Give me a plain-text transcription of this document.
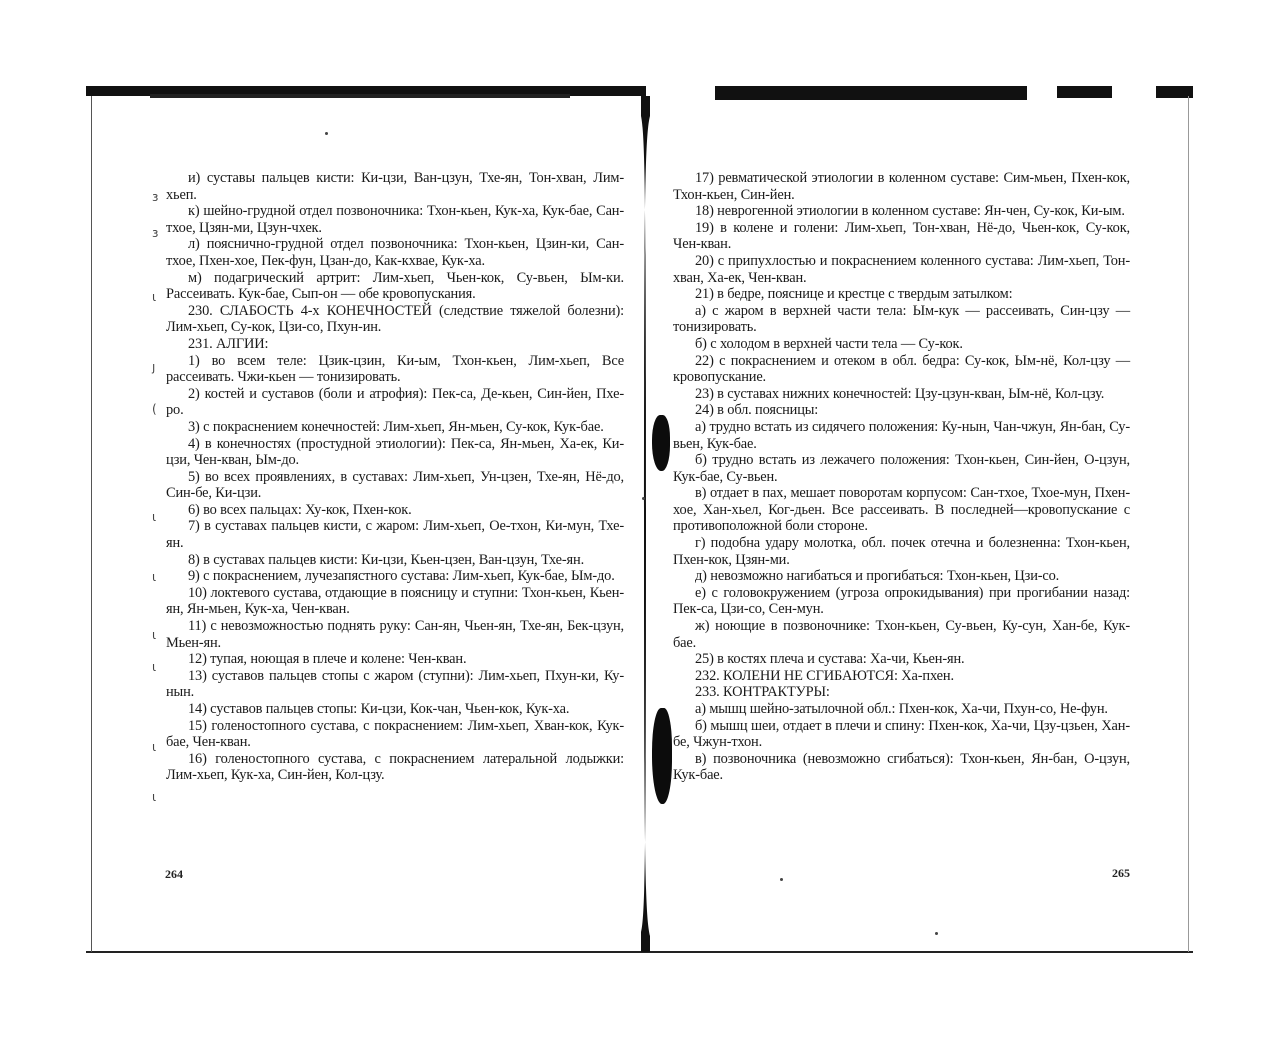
ɜ
ɜ
ɩ
ȷ
(
ɩ
ɩ
ɩ
ɩ
ɩ
ɩ

и) суставы пальцев кисти: Ки-цзи, Ван-цзун, Тхе-ян, Тон-хван, Лим-хьеп.

к) шейно-грудной отдел позвоночника: Тхон-кьен, Кук-ха, Кук-бае, Сан-тхое, Цзян-ми, Цзун-чхек.

л) пояснично-грудной отдел позвоночника: Тхон-кьен, Цзин-ки, Сан-тхое, Пхен-хое, Пек-фун, Цзан-до, Как-кхвае, Кук-ха.

м) подагрический артрит: Лим-хьеп, Чьен-кок, Су-вьен, Ым-ки. Рассеивать. Кук-бае, Сып-он — обе кровопускания.

230. СЛАБОСТЬ 4-х КОНЕЧНОСТЕЙ (следствие тяжелой болезни): Лим-хьеп, Су-кок, Цзи-со, Пхун-ин.

231. АЛГИИ:

1) во всем теле: Цзик-цзин, Ки-ым, Тхон-кьен, Лим-хьеп, Все рассеивать. Чжи-кьен — тонизировать.

2) костей и суставов (боли и атрофия): Пек-са, Де-кьен, Син-йен, Пхе-ро.

3) с покраснением конечностей: Лим-хьеп, Ян-мьен, Су-кок, Кук-бае.

4) в конечностях (простудной этиологии): Пек-са, Ян-мьен, Ха-ек, Ки-цзи, Чен-кван, Ым-до.

5) во всех проявлениях, в суставах: Лим-хьеп, Ун-цзен, Тхе-ян, Нё-до, Син-бе, Ки-цзи.

6) во всех пальцах: Ху-кок, Пхен-кок.

7) в суставах пальцев кисти, с жаром: Лим-хьеп, Ое-тхон, Ки-мун, Тхе-ян.

8) в суставах пальцев кисти: Ки-цзи, Кьен-цзен, Ван-цзун, Тхе-ян.

9) с покраснением, лучезапястного сустава: Лим-хьеп, Кук-бае, Ым-до.

10) локтевого сустава, отдающие в поясницу и ступни: Тхон-кьен, Кьен-ян, Ян-мьен, Кук-ха, Чен-кван.

11) с невозможностью поднять руку: Сан-ян, Чьен-ян, Тхе-ян, Бек-цзун, Мьен-ян.

12) тупая, ноющая в плече и колене: Чен-кван.

13) суставов пальцев стопы с жаром (ступни): Лим-хьеп, Пхун-ки, Ку-нын.

14) суставов пальцев стопы: Ки-цзи, Кок-чан, Чьен-кок, Кук-ха.

15) голеностопного сустава, с покраснением: Лим-хьеп, Хван-кок, Кук-бае, Чен-кван.

16) голеностопного сустава, с покраснением латеральной лодыжки: Лим-хьеп, Кук-ха, Син-йен, Кол-цзу.

264

17) ревматической этиологии в коленном суставе: Сим-мьен, Пхен-кок, Тхон-кьен, Син-йен.

18) неврогенной этиологии в коленном суставе: Ян-чен, Су-кок, Ки-ым.

19) в колене и голени: Лим-хьеп, Тон-хван, Нё-до, Чьен-кок, Су-кок, Чен-кван.

20) с припухлостью и покраснением коленного сустава: Лим-хьеп, Тон-хван, Ха-ек, Чен-кван.

21) в бедре, пояснице и крестце с твердым затылком:

а) с жаром в верхней части тела: Ым-кук — рассеивать, Син-цзу — тонизировать.

б) с холодом в верхней части тела — Су-кок.

22) с покраснением и отеком в обл. бедра: Су-кок, Ым-нё, Кол-цзу — кровопускание.

23) в суставах нижних конечностей: Цзу-цзун-кван, Ым-нё, Кол-цзу.

24) в обл. поясницы:

а) трудно встать из сидячего положения: Ку-нын, Чан-чжун, Ян-бан, Су-вьен, Кук-бае.

б) трудно встать из лежачего положения: Тхон-кьен, Син-йен, О-цзун, Кук-бае, Су-вьен.

в) отдает в пах, мешает поворотам корпусом: Сан-тхое, Тхое-мун, Пхен-хое, Хан-хьел, Ког-дьен. Все рассеивать. В последней—кровопускание с противоположной боли стороне.

г) подобна удару молотка, обл. почек отечна и болезненна: Тхон-кьен, Пхен-кок, Цзян-ми.

д) невозможно нагибаться и прогибаться: Тхон-кьен, Цзи-со.

е) с головокружением (угроза опрокидывания) при прогибании назад: Пек-са, Цзи-со, Сен-мун.

ж) ноющие в позвоночнике: Тхон-кьен, Су-вьен, Ку-сун, Хан-бе, Кук-бае.

25) в костях плеча и сустава: Ха-чи, Кьен-ян.

232. КОЛЕНИ НЕ СГИБАЮТСЯ: Ха-пхен.

233. КОНТРАКТУРЫ:

а) мышц шейно-затылочной обл.: Пхен-кок, Ха-чи, Пхун-со, Не-фун.

б) мышц шеи, отдает в плечи и спину: Пхен-кок, Ха-чи, Цзу-цзьен, Хан-бе, Чжун-тхон.

в) позвоночника (невозможно сгибаться): Тхон-кьен, Ян-бан, О-цзун, Кук-бае.

265
